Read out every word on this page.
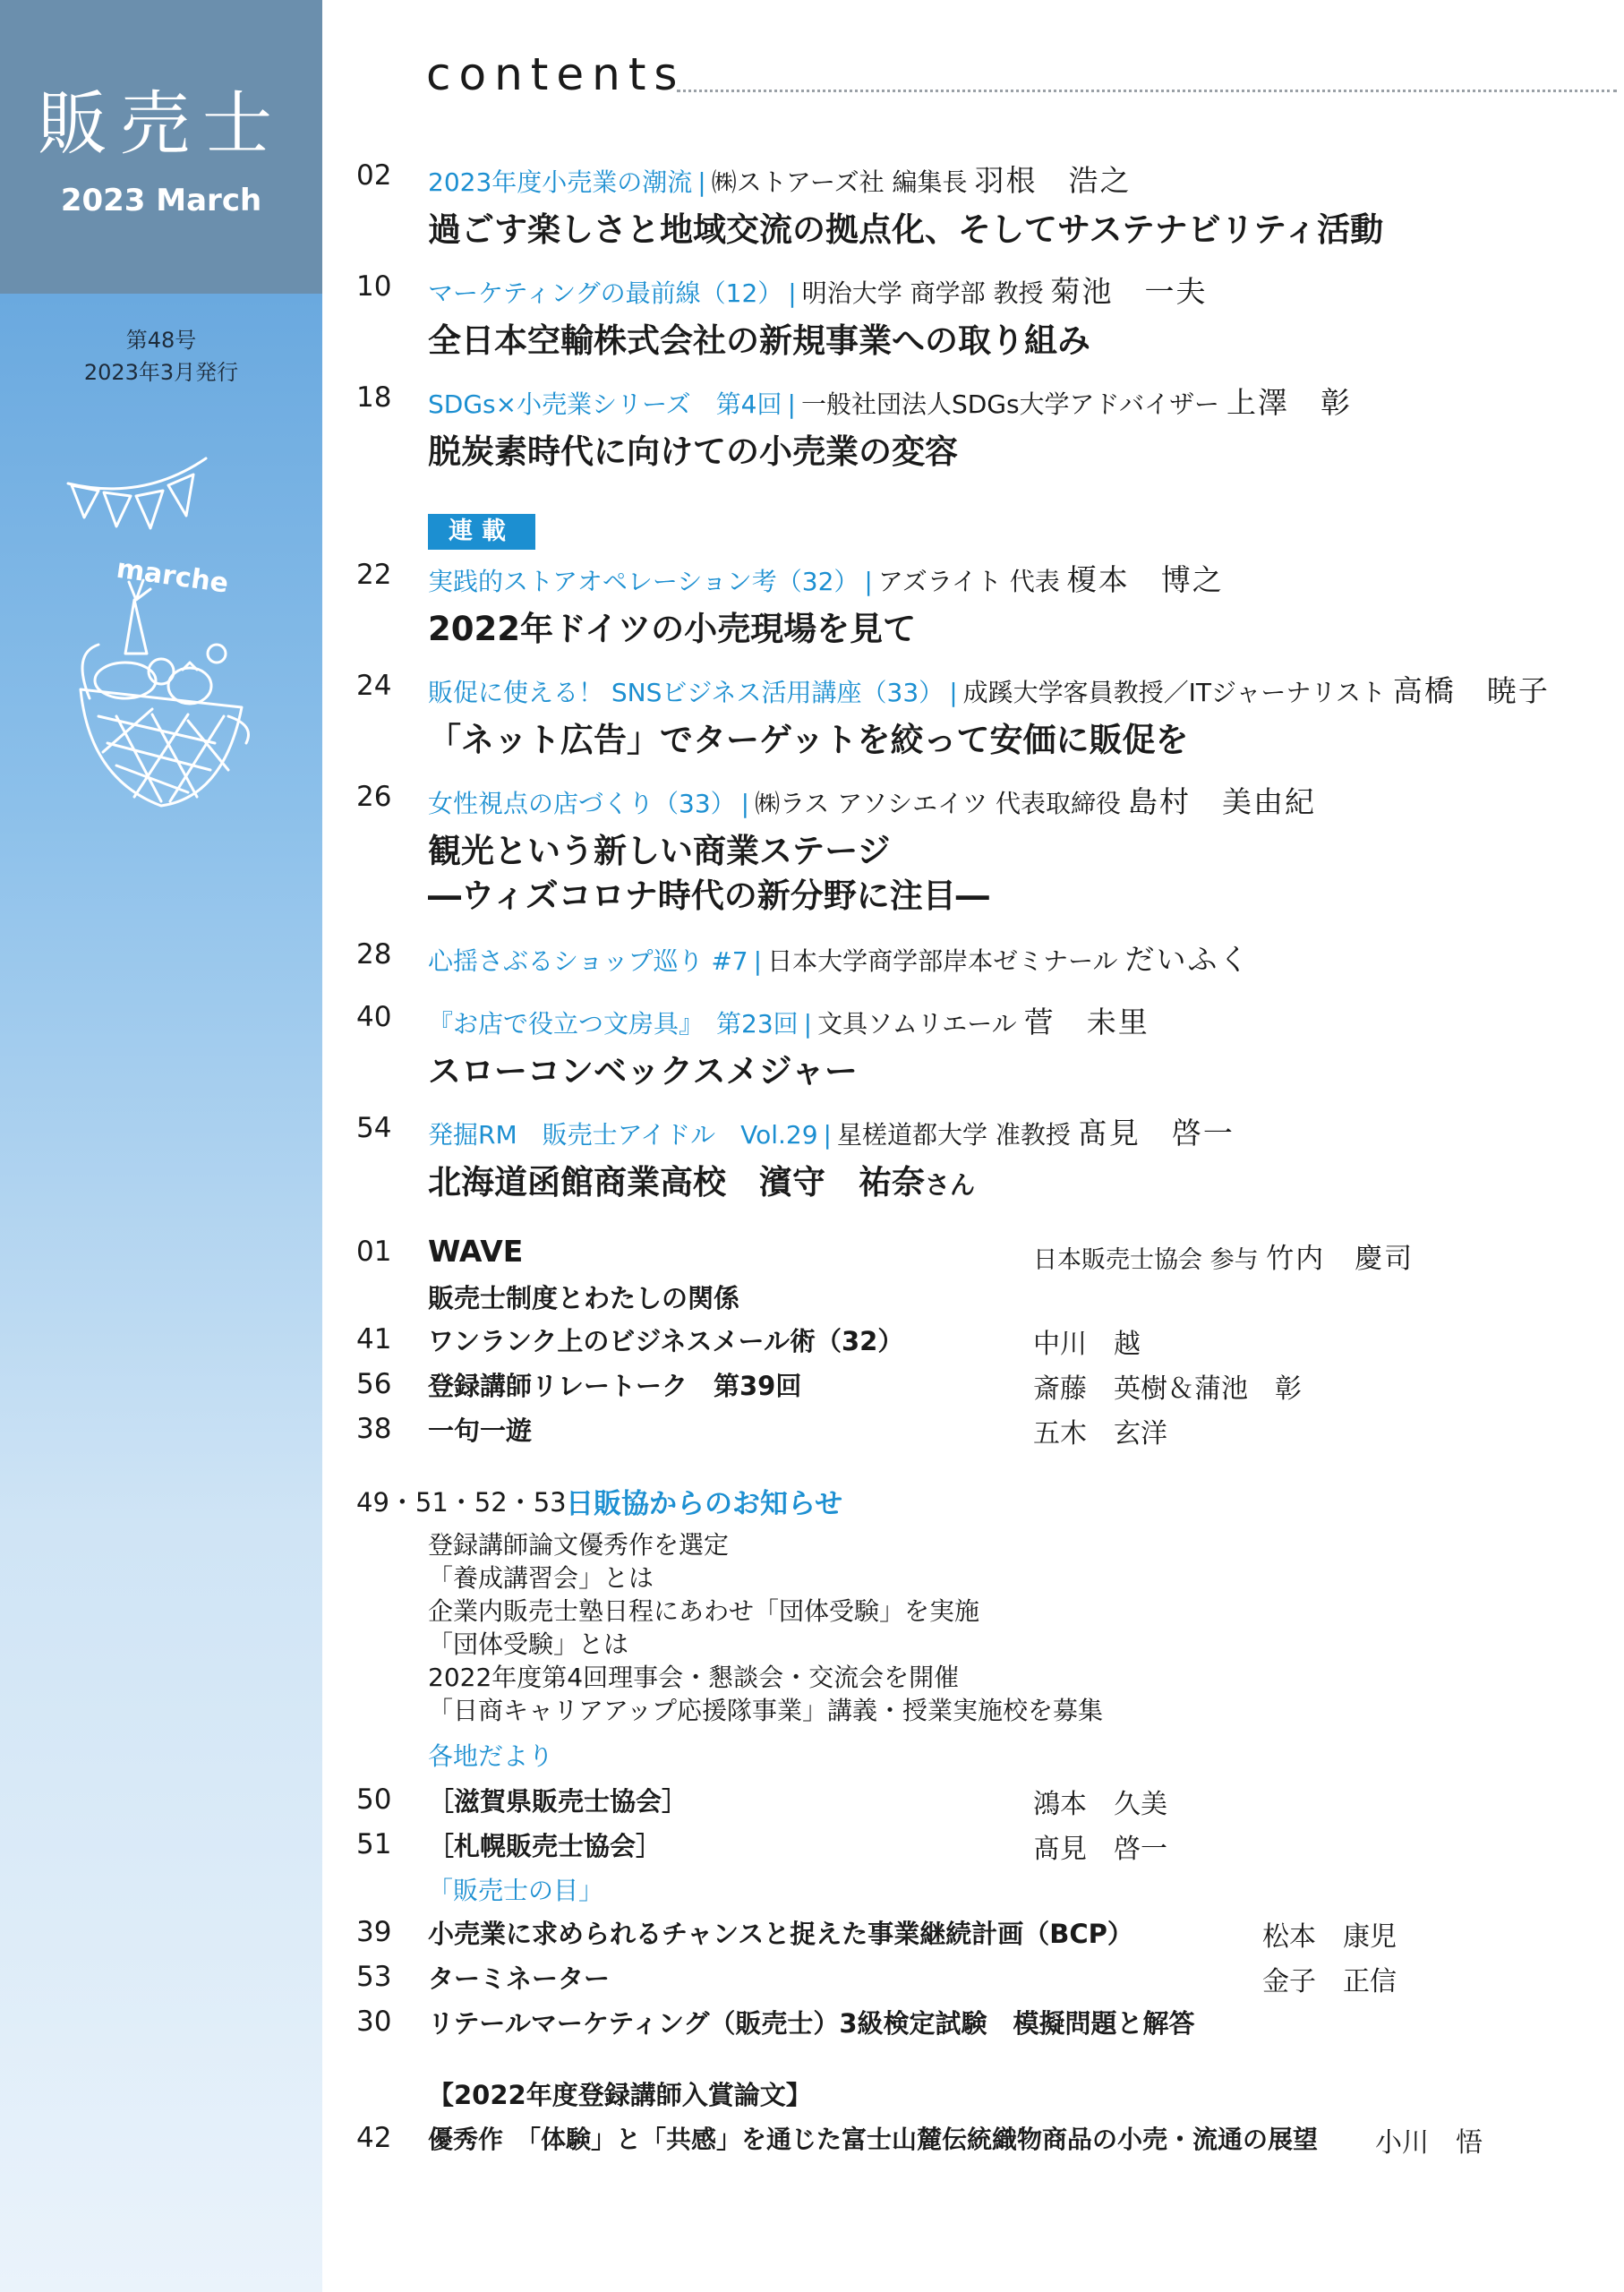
販売士
2023 March
第48号
2023年3月発行
marche
contents
02 2023年度小売業の潮流 | ㈱ストアーズ社 編集長 羽根　浩之
過ごす楽しさと地域交流の拠点化、そしてサステナビリティ活動
10 マーケティングの最前線（12） | 明治大学 商学部 教授 菊池　一夫
全日本空輸株式会社の新規事業への取り組み
18 SDGs×小売業シリーズ　第4回 | 一般社団法人SDGs大学アドバイザー 上澤　彰
脱炭素時代に向けての小売業の変容
連載
22 実践的ストアオペレーション考（32） | アズライト 代表 榎本　博之
2022年ドイツの小売現場を見て
24 販促に使える！ SNSビジネス活用講座（33） | 成蹊大学客員教授／ITジャーナリスト 高橋　暁子
「ネット広告」でターゲットを絞って安価に販促を
26 女性視点の店づくり（33） | ㈱ラス アソシエイツ 代表取締役 島村　美由紀
観光という新しい商業ステージ
―ウィズコロナ時代の新分野に注目―
28 心揺さぶるショップ巡り #7 | 日本大学商学部岸本ゼミナール だいふく
40 『お店で役立つ文房具』　第23回 | 文具ソムリエール 菅　未里
スローコンベックスメジャー
54 発掘RM　販売士アイドル　Vol.29 | 星槎道都大学 准教授 髙見　啓一
北海道函館商業高校　濱守　祐奈さん
01 WAVE	日本販売士協会 参与 竹内　慶司
販売士制度とわたしの関係
41 ワンランク上のビジネスメール術（32）	中川　越
56 登録講師リレートーク　第39回	斎藤　英樹＆蒲池　彰
38 一句一遊	五木　玄洋
49・51・52・53 日販協からのお知らせ
登録講師論文優秀作を選定
「養成講習会」とは
企業内販売士塾日程にあわせ「団体受験」を実施
「団体受験」とは
2022年度第4回理事会・懇談会・交流会を開催
「日商キャリアアップ応援隊事業」講義・授業実施校を募集
各地だより
50 ［滋賀県販売士協会］	鴻本　久美
51 ［札幌販売士協会］	髙見　啓一
「販売士の目」
39 小売業に求められるチャンスと捉えた事業継続計画（BCP）	松本　康児
53 ターミネーター	金子　正信
30 リテールマーケティング（販売士）3級検定試験　模擬問題と解答
【2022年度登録講師入賞論文】
42 優秀作　「体験」と「共感」を通じた富士山麓伝統織物商品の小売・流通の展望 小川　悟
